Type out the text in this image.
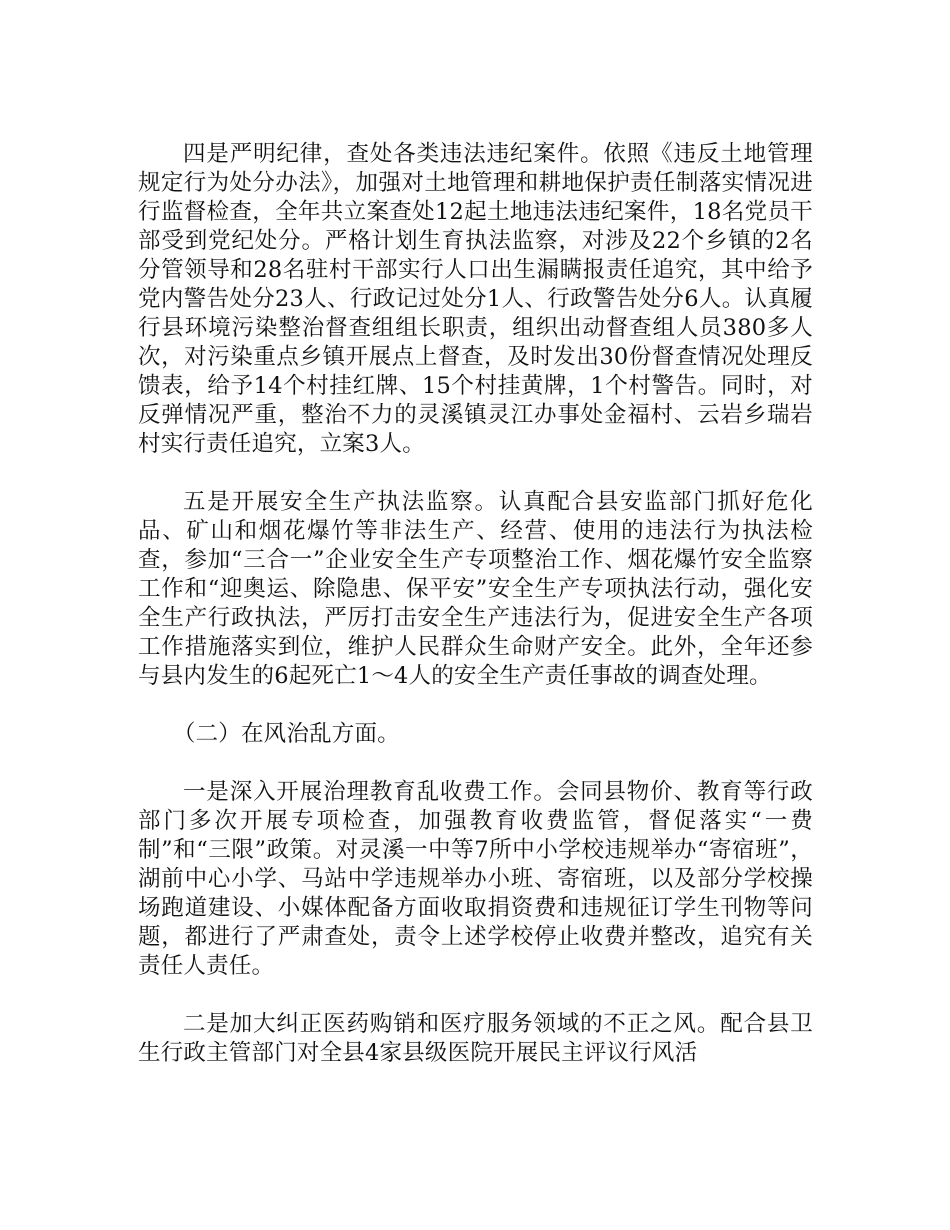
四是严明纪律，查处各类违法违纪案件。依照《违反土地管理规定行为处分办法》，加强对土地管理和耕地保护责任制落实情况进行监督检查，全年共立案查处12起土地违法违纪案件，18名党员干部受到党纪处分。严格计划生育执法监察，对涉及22个乡镇的2名分管领导和28名驻村干部实行人口出生漏瞒报责任追究，其中给予党内警告处分23人、行政记过处分1人、行政警告处分6人。认真履行县环境污染整治督查组组长职责，组织出动督查组人员380多人次，对污染重点乡镇开展点上督查，及时发出30份督查情况处理反馈表，给予14个村挂红牌、15个村挂黄牌，1个村警告。同时，对反弹情况严重，整治不力的灵溪镇灵江办事处金福村、云岩乡瑞岩村实行责任追究，立案3人。

五是开展安全生产执法监察。认真配合县安监部门抓好危化品、矿山和烟花爆竹等非法生产、经营、使用的违法行为执法检查，参加“三合一”企业安全生产专项整治工作、烟花爆竹安全监察工作和“迎奥运、除隐患、保平安”安全生产专项执法行动，强化安全生产行政执法，严厉打击安全生产违法行为，促进安全生产各项工作措施落实到位，维护人民群众生命财产安全。此外，全年还参与县内发生的6起死亡1～4人的安全生产责任事故的调查处理。

（二）在风治乱方面。

一是深入开展治理教育乱收费工作。会同县物价、教育等行政部门多次开展专项检查，加强教育收费监管，督促落实“一费制”和“三限”政策。对灵溪一中等7所中小学校违规举办“寄宿班”，湖前中心小学、马站中学违规举办小班、寄宿班，以及部分学校操场跑道建设、小媒体配备方面收取捐资费和违规征订学生刊物等问题，都进行了严肃查处，责令上述学校停止收费并整改，追究有关责任人责任。

二是加大纠正医药购销和医疗服务领域的不正之风。配合县卫生行政主管部门对全县4家县级医院开展民主评议行风活
